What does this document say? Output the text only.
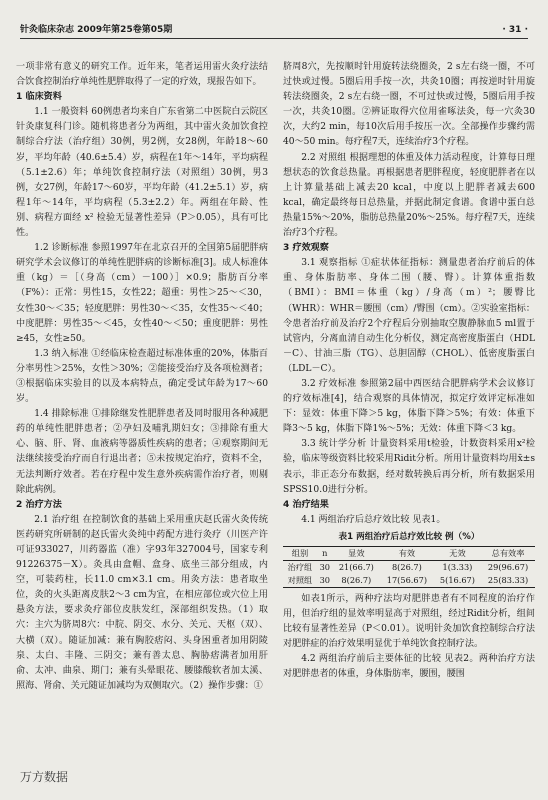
针灸临床杂志 2009年第25卷第05期	· 31 ·

一项非常有意义的研究工作。近年来，笔者运用雷火灸疗法结合饮食控制治疗单纯性肥胖取得了一定的疗效，现报告如下。

1 临床资料

1.1 一般资料 60例患者均来自广东省第二中医院白云院区针灸康复科门诊。随机将患者分为两组，其中雷火灸加饮食控制综合疗法（治疗组）30例，男2例，女28例，年龄18～60岁，平均年龄（40.6±5.4）岁，病程在1年～14年，平均病程（5.1±2.6）年；单纯饮食控制疗法（对照组）30例，男3例，女27例，年龄17～60岁，平均年龄（41.2±5.1）岁，病程1年～14年，平均病程（5.3±2.2）年。两组在年龄、性别、病程方面经 x² 检验无显著性差异（P＞0.05），具有可比性。

1.2 诊断标准 参照1997年在北京召开的全国第5届肥胖病研究学术会议修订的单纯性肥胖病的诊断标准[3]。成人标准体重（kg）＝［（身高（cm）－100）］×0.9；脂肪百分率（F%）：正常：男性15，女性22；超重：男性＞25～＜30，女性30～＜35；轻度肥胖：男性30～＜35，女性35～＜40；中度肥胖：男性35～＜45，女性40～＜50；重度肥胖：男性≥45，女性≥50。

1.3 纳入标准 ①经临床检查超过标准体重的20%，体脂百分率男性＞25%，女性＞30%；②能接受治疗及各项检测者；③根据临床实验目的以及本病特点，确定受试年龄为17～60岁。

1.4 排除标准 ①排除继发性肥胖患者及同时服用各种减肥药的单纯性肥胖患者；②孕妇及哺乳期妇女；③排除有重大心、脑、肝、肾、血液病等器质性疾病的患者；④观察期间无法继续接受治疗而自行退出者；⑤未按规定治疗，资料不全，无法判断疗效者。若在疗程中发生意外疾病需作治疗者，则剔除此病例。

2 治疗方法

2.1 治疗组 在控制饮食的基础上采用重庆赵氏雷火灸传统医药研究所研制的赵氏雷火灸纯中药配方进行灸疗（川医产许可证933027，川药器监（准）字93年327004号，国家专利91226375－X）。灸具由盒帽、盒身、底坐三部分组成，内空，可装药柱，长11.0 cm×3.1 cm。用灸方法：患者取坐位，灸的火头距离皮肤2～3 cm为宜，在相应部位或穴位上用悬灸方法，要求灸疗部位皮肤发红，深部组织发热。（1）取穴：主穴为脐周8穴：中脘、阴交、水分、关元、天枢（双）、大横（双）。随证加减：兼有胸胶痞闷、头身困重者加用阴陵泉、太白、丰隆、三阴交；兼有善太息、胸胁痞满者加用肝俞、太冲、曲泉、期门；兼有头晕眼花、腰膝酸软者加太溪、照海、肾俞、关元随证加减均为双侧取穴。（2）操作步骤：①

脐周8穴，先按顺时针用旋转法绕圈灸，2 s左右绕一圈，不可过快或过慢。5圈后用手按一次，共灸10圈；再按逆时针用旋转法绕圈灸，2 s左右绕一圈，不可过快或过慢，5圈后用手按一次，共灸10圈。②辨证取得穴位用雀啄法灸，每一穴灸30次，大约2 min，每10次后用手按压一次。全部操作步骤约需40～50 min。每疗程7天，连续治疗3个疗程。

2.2 对照组 根据理想的体重及体力活动程度，计算每日理想状态的饮食总热量。再根据患者肥胖程度，轻度肥胖者在以上计算量基础上减去20 kcal，中度以上肥胖者减去600 kcal，确定最终每日总热量，并据此制定食谱。食谱中蛋白总热量15%～20%，脂肪总热量20%～25%。每疗程7天，连续治疗3个疗程。

3 疗效观察

3.1 观察指标 ①症状体征指标：测量患者治疗前后的体重、身体脂肪率、身体二围（腰、臀）。计算体重指数（BMI）：BMI＝体重（kg）/身高（m）²；腰臀比（WHR）：WHR＝腰围（cm）/臀围（cm）。②实验室指标：令患者治疗前及治疗2个疗程后分别抽取空腹静脉血5 ml置于试管内，分离血清自动生化分析仪，测定高密度脂蛋白（HDL－C）、甘油三脂（TG）、总胆固醇（CHOL）、低密度脂蛋白（LDL－C）。

3.2 疗效标准 参照第2届中西医结合肥胖病学术会议修订的疗效标准[4]，结合观察的具体情况，拟定疗效评定标准如下：显效：体重下降＞5 kg，体脂下降＞5%；有效：体重下降3～5 kg，体脂下降1%～5%；无效：体重下降＜3 kg。

3.3 统计学分析 计量资料采用t检验，计数资料采用x²检验，临床等级资料比较采用Ridit分析。所用计量资料均用x̄±s表示，非正态分布数据，经对数转换后再分析，所有数据采用SPSS10.0进行分析。

4 治疗结果

4.1 两组治疗后总疗效比较 见表1。

表1 两组治疗后总疗效比较 例（%）
组别	n	显效	有效	无效	总有效率
治疗组	30	21(66.7)	8(26.7)	1(3.33)	29(96.67)
对照组	30	8(26.7)	17(56.67)	5(16.67)	25(83.33)

如表1所示，两种疗法均对肥胖患者有不同程度的治疗作用，但治疗组的显效率明显高于对照组，经过Ridit分析，组间比较有显著性差异（P＜0.01）。说明针灸加饮食控制综合疗法对肥胖症的治疗效果明显优于单纯饮食控制疗法。

4.2 两组治疗前后主要体征的比较 见表2。两种治疗方法对肥胖患者的体重，身体脂肪率，腰围，腰围

万方数据
